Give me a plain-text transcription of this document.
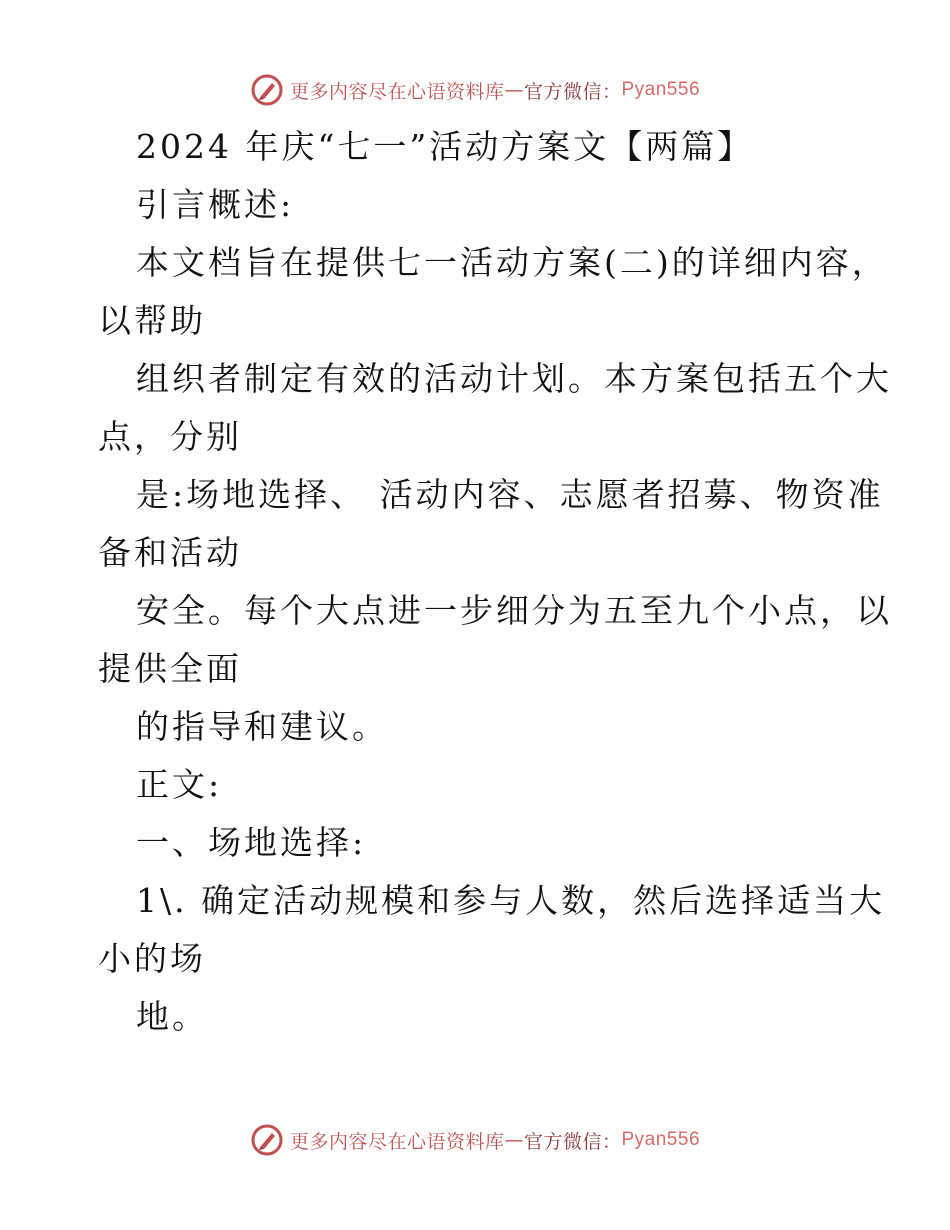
更多内容尽在心语资料库 — 官方微信： Pyan556
2024 年庆“七一”活动方案文【两篇】
引言概述:
本文档旨在提供七一活动方案(二)的详细内容，
以帮助
组织者制定有效的活动计划。本方案包括五个大
点，分别
是:场地选择、 活动内容、志愿者招募、物资准
备和活动
安全。每个大点进一步细分为五至九个小点，以
提供全面
的指导和建议。
正文:
一、场地选择:
1\. 确定活动规模和参与人数，然后选择适当大
小的场
地。
更多内容尽在心语资料库 — 官方微信： Pyan556
